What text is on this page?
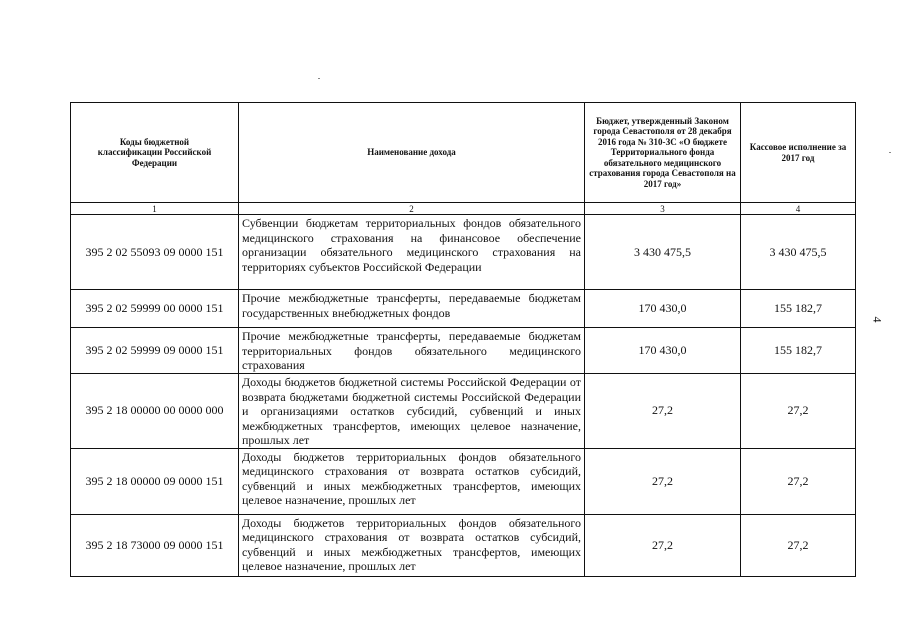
4
Коды бюджетной классификации Российской Федерации	Наименование дохода	Бюджет, утвержденный Законом города Севастополя от 28 декабря 2016 года № 310-ЗС «О бюджете Территориального фонда обязательного медицинского страхования города Севастополя на 2017 год»	Кассовое исполнение за 2017 год
1	2	3	4
395 2 02 55093 09 0000 151	Субвенции бюджетам территориальных фондов обязательного медицинского страхования на финансовое обеспечение организации обязательного медицинского страхования на территориях субъектов Российской Федерации	3 430 475,5	3 430 475,5
395 2 02 59999 00 0000 151	Прочие межбюджетные трансферты, передаваемые бюджетам государственных внебюджетных фондов	170 430,0	155 182,7
395 2 02 59999 09 0000 151	Прочие межбюджетные трансферты, передаваемые бюджетам территориальных фондов обязательного медицинского страхования	170 430,0	155 182,7
395 2 18 00000 00 0000 000	Доходы бюджетов бюджетной системы Российской Федерации от возврата бюджетами бюджетной системы Российской Федерации и организациями остатков субсидий, субвенций и иных межбюджетных трансфертов, имеющих целевое назначение, прошлых лет	27,2	27,2
395 2 18 00000 09 0000 151	Доходы бюджетов территориальных фондов обязательного медицинского страхования от возврата остатков субсидий, субвенций и иных межбюджетных трансфертов, имеющих целевое назначение, прошлых лет	27,2	27,2
395 2 18 73000 09 0000 151	Доходы бюджетов территориальных фондов обязательного медицинского страхования от возврата остатков субсидий, субвенций и иных межбюджетных трансфертов, имеющих целевое назначение, прошлых лет	27,2	27,2
